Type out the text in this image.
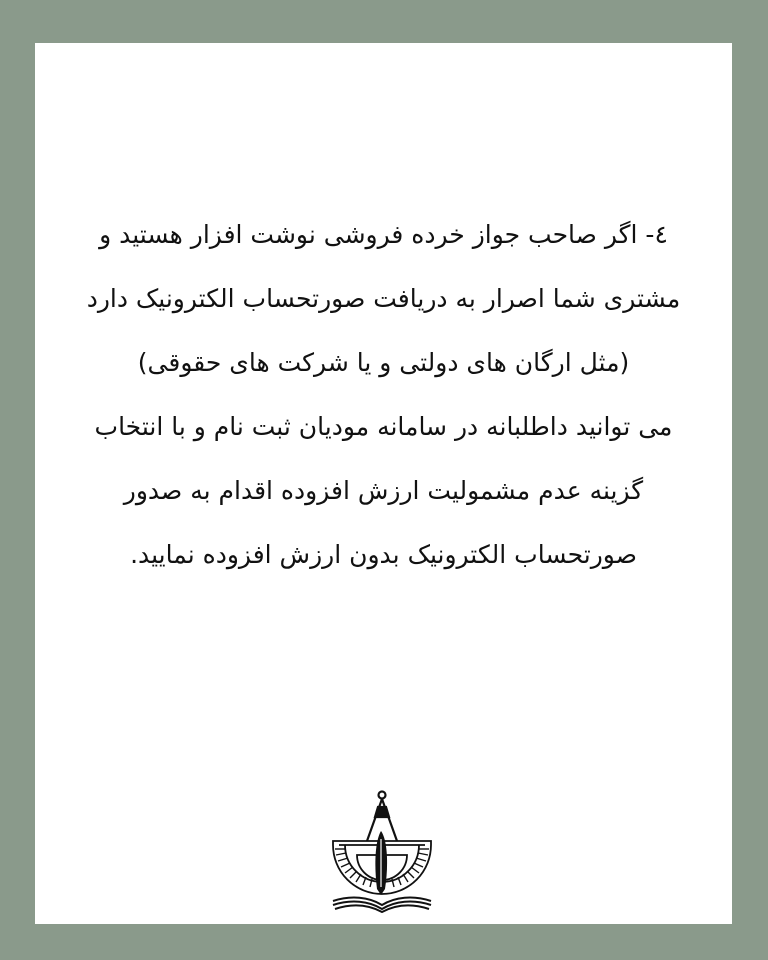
٤- اگر صاحب جواز خرده فروشی نوشت افزار هستید و
مشتری شما اصرار به دریافت صورتحساب الکترونیک دارد
(مثل ارگان های دولتی و یا شرکت های حقوقی)
می توانید داطلبانه در سامانه مودیان ثبت نام و با انتخاب
گزینه عدم مشمولیت ارزش افزوده اقدام به صدور
صورتحساب الکترونیک بدون ارزش افزوده نمایید.
